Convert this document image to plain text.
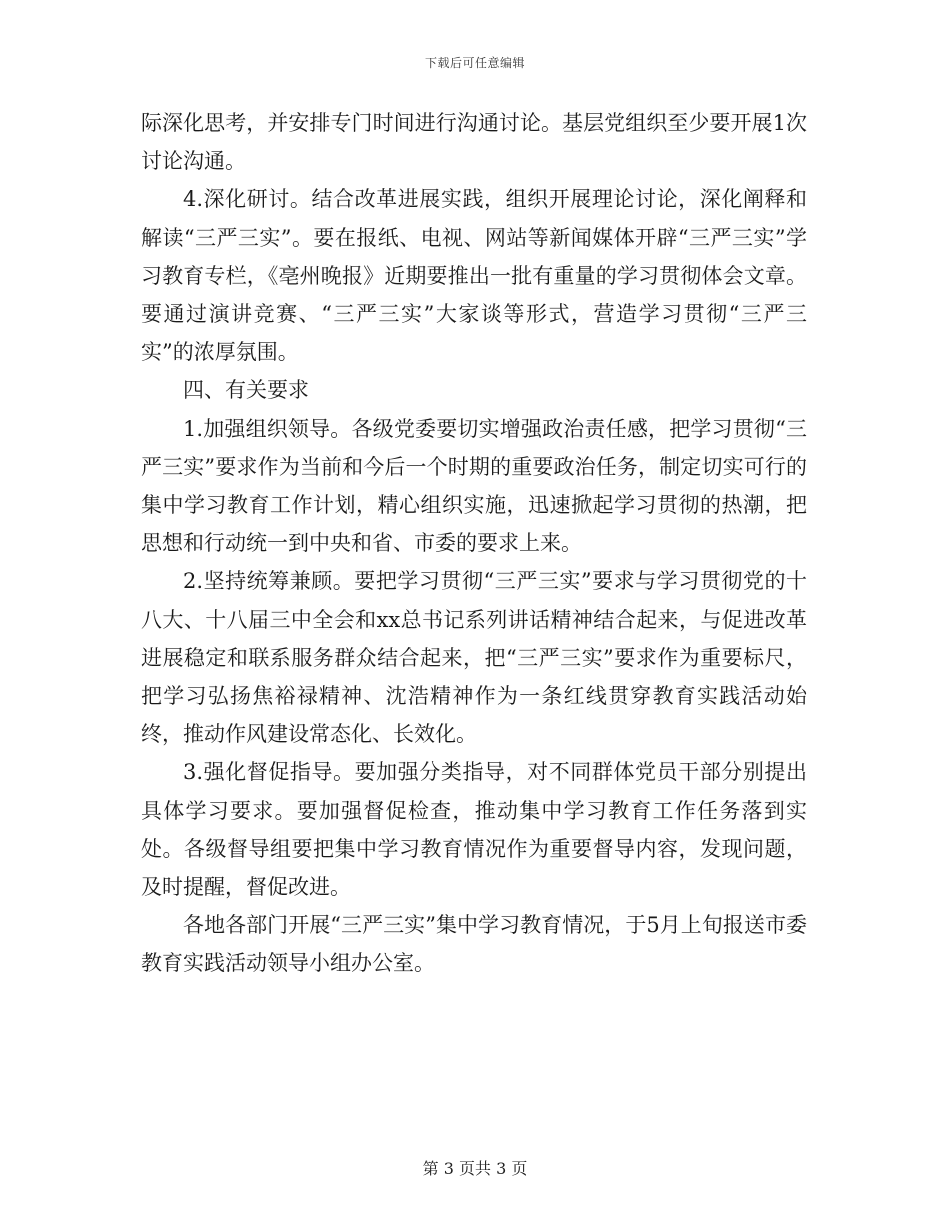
下载后可任意编辑

际深化思考，并安排专门时间进行沟通讨论。基层党组织至少要开展1次讨论沟通。

4.深化研讨。结合改革进展实践，组织开展理论讨论，深化阐释和解读“三严三实”。要在报纸、电视、网站等新闻媒体开辟“三严三实”学习教育专栏，《亳州晚报》近期要推出一批有重量的学习贯彻体会文章。要通过演讲竞赛、“三严三实”大家谈等形式，营造学习贯彻“三严三实”的浓厚氛围。

四、有关要求

1.加强组织领导。各级党委要切实增强政治责任感，把学习贯彻“三严三实”要求作为当前和今后一个时期的重要政治任务，制定切实可行的集中学习教育工作计划，精心组织实施，迅速掀起学习贯彻的热潮，把思想和行动统一到中央和省、市委的要求上来。

2.坚持统筹兼顾。要把学习贯彻“三严三实”要求与学习贯彻党的十八大、十八届三中全会和xx总书记系列讲话精神结合起来，与促进改革进展稳定和联系服务群众结合起来，把“三严三实”要求作为重要标尺，把学习弘扬焦裕禄精神、沈浩精神作为一条红线贯穿教育实践活动始终，推动作风建设常态化、长效化。

3.强化督促指导。要加强分类指导，对不同群体党员干部分别提出具体学习要求。要加强督促检查，推动集中学习教育工作任务落到实处。各级督导组要把集中学习教育情况作为重要督导内容，发现问题，及时提醒，督促改进。

各地各部门开展“三严三实”集中学习教育情况，于5月上旬报送市委教育实践活动领导小组办公室。

第 3 页共 3 页
